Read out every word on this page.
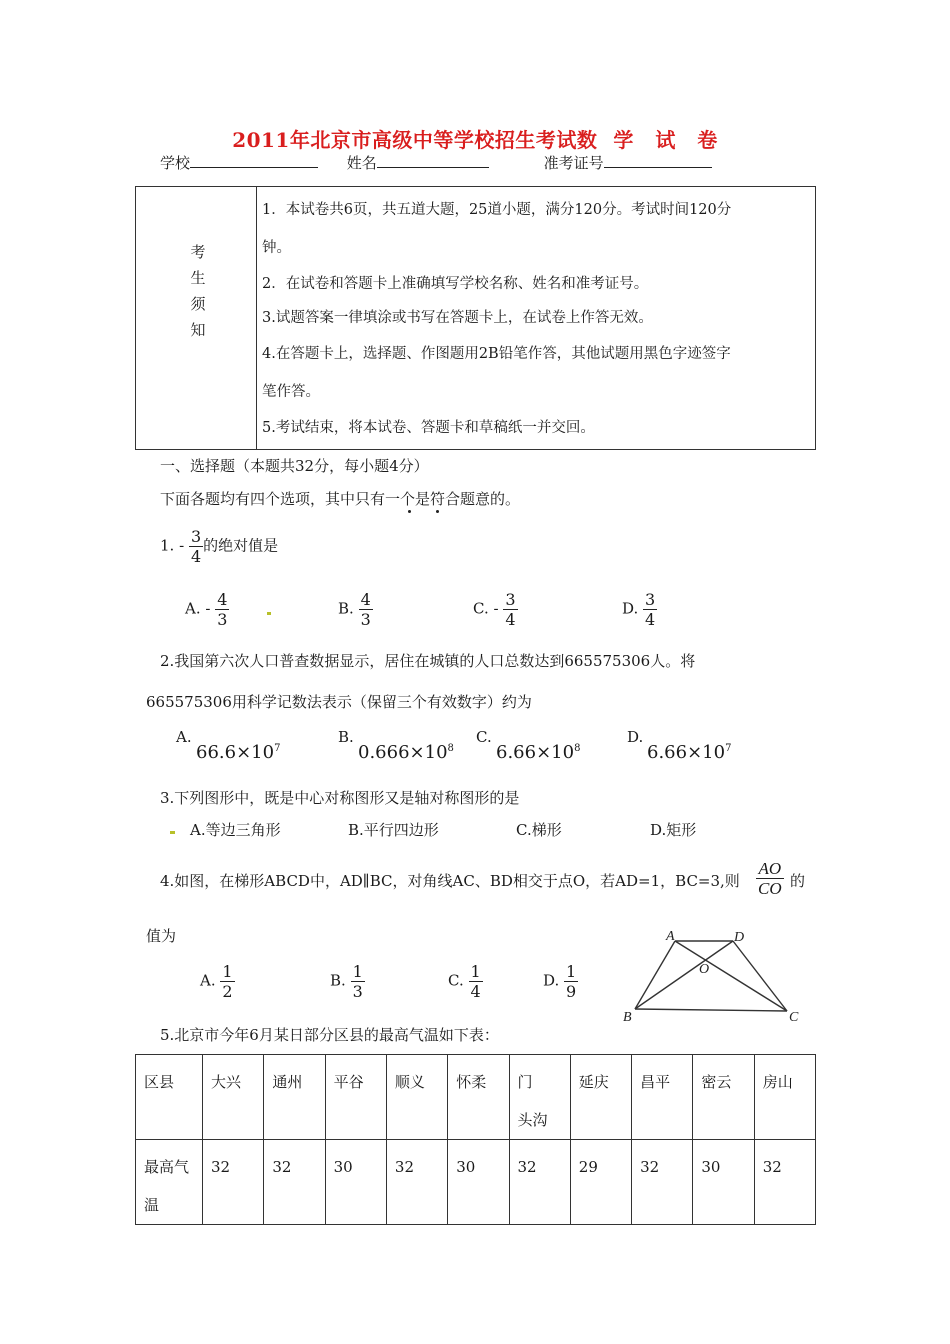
2011年北京市高级中等学校招生考试数 学 试 卷
学校	姓名	准考证号
考
生
须
知

1．本试卷共6页，共五道大题，25道小题，满分120分。考试时间120分

钟。

2．在试卷和答题卡上准确填写学校名称、姓名和准考证号。

3.试题答案一律填涂或书写在答题卡上，在试卷上作答无效。

4.在答题卡上，选择题、作图题用2B铅笔作答，其他试题用黑色字迹签字

笔作答。

5.考试结束，将本试卷、答题卡和草稿纸一并交回。

一、选择题（本题共32分，每小题4分）
下面各题均有四个选项，其中只有一个是符合题意的。
1. - $\frac{3}{4}$ 的绝对值是
A. - $\frac{4}{3}$	B. $\frac{4}{3}$	C. - $\frac{3}{4}$	D. $\frac{3}{4}$
2.我国第六次人口普查数据显示，居住在城镇的人口总数达到665575306人。将
665575306用科学记数法表示（保留三个有效数字）约为
A.
$66.6\times 10^7$
B.
$0.666\times 10^8$
C.
$6.66\times 10^8$
D.
$6.66\times 10^7$
3.下列图形中，既是中心对称图形又是轴对称图形的是
A.等边三角形	B.平行四边形	C.梯形	D.矩形
4.如图，在梯形ABCD中，AD∥BC，对角线AC、BD相交于点O，若AD=1，BC=3,则 $\frac{AO}{CO}$ 的
值为
A. $\frac{1}{2}$	B. $\frac{1}{3}$	C. $\frac{1}{4}$	D. $\frac{1}{9}$
A	D
O
B	C
5.北京市今年6月某日部分区县的最高气温如下表：
区县	大兴	通州	平谷	顺义	怀柔	门 头沟	延庆	昌平	密云	房山
最高气温	32	32	30	32	30	32	29	32	30	32
